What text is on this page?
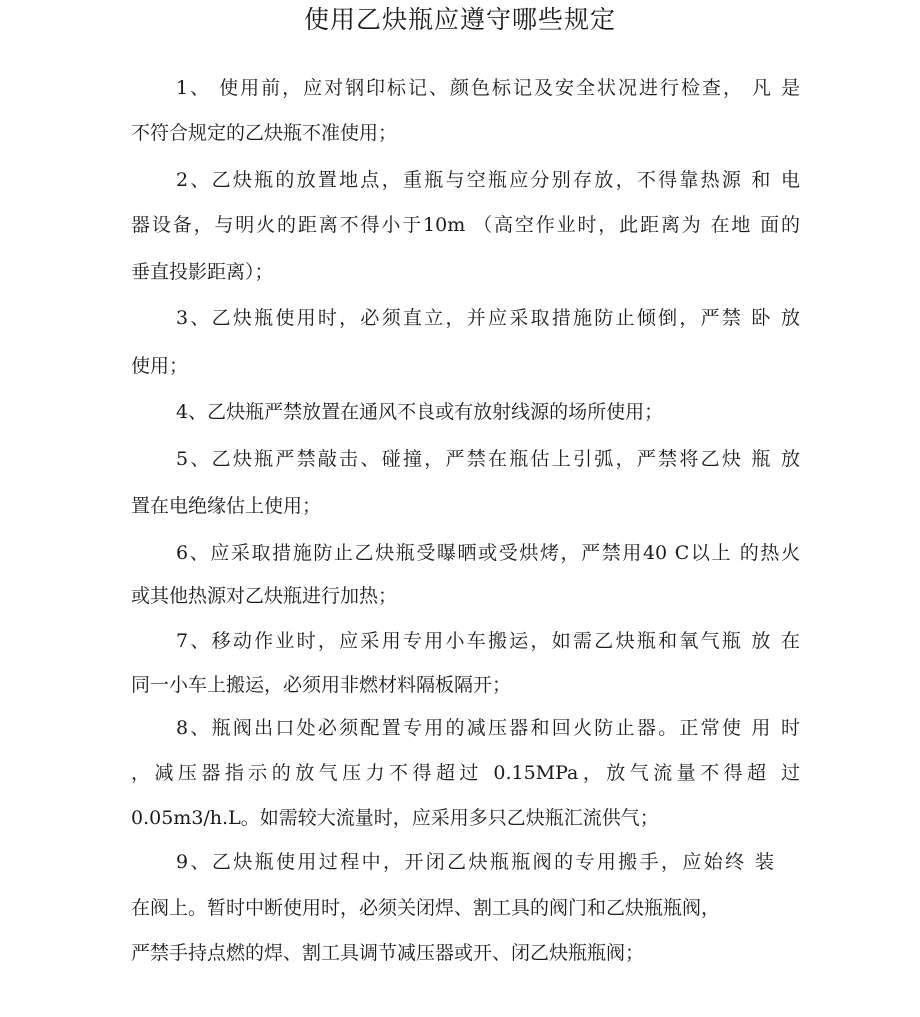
使用乙炔瓶应遵守哪些规定

1、 使用前，应对钢印标记、颜色标记及安全状况进行检查， 凡 是

不符合规定的乙炔瓶不准使用；

2、乙炔瓶的放置地点，重瓶与空瓶应分别存放，不得靠热源 和 电

器设备，与明火的距离不得小于10m （高空作业时，此距离为 在地 面的

垂直投影距离）；

3、乙炔瓶使用时，必须直立，并应采取措施防止倾倒，严禁 卧 放

使用；

4、乙炔瓶严禁放置在通风不良或有放射线源的场所使用；

5、乙炔瓶严禁敲击、碰撞，严禁在瓶估上引弧，严禁将乙炔 瓶 放

置在电绝缘估上使用；

6、应采取措施防止乙炔瓶受曝晒或受烘烤，严禁用40 C以上 的热火

或其他热源对乙炔瓶进行加热；

7、移动作业时，应采用专用小车搬运，如需乙炔瓶和氧气瓶 放 在

同一小车上搬运，必须用非燃材料隔板隔开；

8、瓶阀出口处必须配置专用的减压器和回火防止器。正常使 用 时

，减压器指示的放气压力不得超过 0.15MPa，放气流量不得超 过

0.05m3/h.L。如需较大流量时，应采用多只乙炔瓶汇流供气；

9、乙炔瓶使用过程中，开闭乙炔瓶瓶阀的专用搬手，应始终 装

在阀上。暂时中断使用时，必须关闭焊、割工具的阀门和乙炔瓶瓶阀，

严禁手持点燃的焊、割工具调节减压器或开、闭乙炔瓶瓶阀；
